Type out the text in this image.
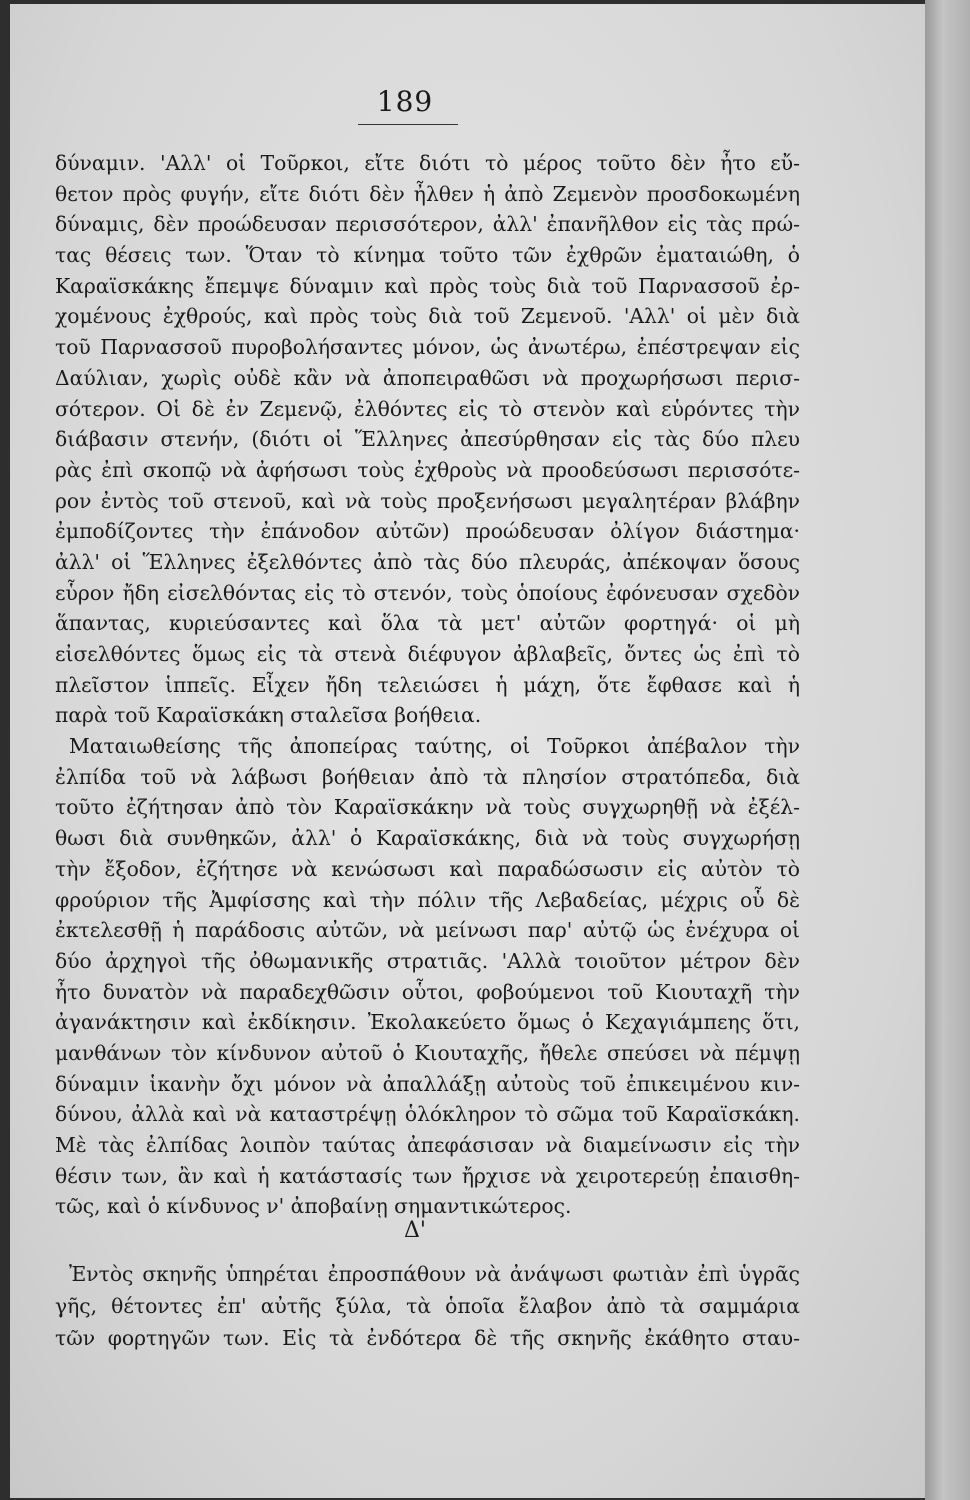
189
δύναμιν. 'Αλλ' οἱ Τοῦρκοι, εἴτε διότι τὸ μέρος τοῦτο δὲν ἦτο εὔ-
θετον πρὸς φυγήν, εἴτε διότι δὲν ἦλθεν ἡ ἀπὸ Ζεμενὸν προσδοκωμένη
δύναμις, δὲν προώδευσαν περισσότερον, ἀλλ' ἐπανῆλθον εἰς τὰς πρώ-
τας θέσεις των. Ὅταν τὸ κίνημα τοῦτο τῶν ἐχθρῶν ἐματαιώθη, ὁ
Καραϊσκάκης ἔπεμψε δύναμιν καὶ πρὸς τοὺς διὰ τοῦ Παρνασσοῦ ἐρ-
χομένους ἐχθρούς, καὶ πρὸς τοὺς διὰ τοῦ Ζεμενοῦ. 'Αλλ' οἱ μὲν διὰ
τοῦ Παρνασσοῦ πυροβολήσαντες μόνον, ὡς ἀνωτέρω, ἐπέστρεψαν εἰς
Δαύλιαν, χωρὶς οὐδὲ κἂν νὰ ἀποπειραθῶσι νὰ προχωρήσωσι περισ-
σότερον. Οἱ δὲ ἐν Ζεμενῷ, ἐλθόντες εἰς τὸ στενὸν καὶ εὑρόντες τὴν
διάβασιν στενήν, (διότι οἱ Ἕλληνες ἀπεσύρθησαν εἰς τὰς δύο πλευ
ρὰς ἐπὶ σκοπῷ νὰ ἀφήσωσι τοὺς ἐχθροὺς νὰ προοδεύσωσι περισσότε-
ρον ἐντὸς τοῦ στενοῦ, καὶ νὰ τοὺς προξενήσωσι μεγαλητέραν βλάβην
ἐμποδίζοντες τὴν ἐπάνοδον αὐτῶν) προώδευσαν ὀλίγον διάστημα·
ἀλλ' οἱ Ἕλληνες ἐξελθόντες ἀπὸ τὰς δύο πλευράς, ἀπέκοψαν ὅσους
εὗρον ἤδη εἰσελθόντας εἰς τὸ στενόν, τοὺς ὁποίους ἐφόνευσαν σχεδὸν
ἅπαντας, κυριεύσαντες καὶ ὅλα τὰ μετ' αὐτῶν φορτηγά· οἱ μὴ
εἰσελθόντες ὅμως εἰς τὰ στενὰ διέφυγον ἀβλαβεῖς, ὄντες ὡς ἐπὶ τὸ
πλεῖστον ἱππεῖς. Εἶχεν ἤδη τελειώσει ἡ μάχη, ὅτε ἔφθασε καὶ ἡ
παρὰ τοῦ Καραϊσκάκη σταλεῖσα βοήθεια.
Ματαιωθείσης τῆς ἀποπείρας ταύτης, οἱ Τοῦρκοι ἀπέβαλον τὴν
ἐλπίδα τοῦ νὰ λάβωσι βοήθειαν ἀπὸ τὰ πλησίον στρατόπεδα, διὰ
τοῦτο ἐζήτησαν ἀπὸ τὸν Καραϊσκάκην νὰ τοὺς συγχωρηθῇ νὰ ἐξέλ-
θωσι διὰ συνθηκῶν, ἀλλ' ὁ Καραϊσκάκης, διὰ νὰ τοὺς συγχωρήσῃ
τὴν ἔξοδον, ἐζήτησε νὰ κενώσωσι καὶ παραδώσωσιν εἰς αὐτὸν τὸ
φρούριον τῆς Ἀμφίσσης καὶ τὴν πόλιν τῆς Λεβαδείας, μέχρις οὗ δὲ
ἐκτελεσθῇ ἡ παράδοσις αὐτῶν, νὰ μείνωσι παρ' αὐτῷ ὡς ἐνέχυρα οἱ
δύο ἀρχηγοὶ τῆς ὀθωμανικῆς στρατιᾶς. 'Αλλὰ τοιοῦτον μέτρον δὲν
ἦτο δυνατὸν νὰ παραδεχθῶσιν οὗτοι, φοβούμενοι τοῦ Κιουταχῆ τὴν
ἀγανάκτησιν καὶ ἐκδίκησιν. Ἐκολακεύετο ὅμως ὁ Κεχαγιάμπεης ὅτι,
μανθάνων τὸν κίνδυνον αὐτοῦ ὁ Κιουταχῆς, ἤθελε σπεύσει νὰ πέμψῃ
δύναμιν ἱκανὴν ὄχι μόνον νὰ ἀπαλλάξῃ αὐτοὺς τοῦ ἐπικειμένου κιν-
δύνου, ἀλλὰ καὶ νὰ καταστρέψῃ ὁλόκληρον τὸ σῶμα τοῦ Καραϊσκάκη.
Μὲ τὰς ἐλπίδας λοιπὸν ταύτας ἀπεφάσισαν νὰ διαμείνωσιν εἰς τὴν
θέσιν των, ἂν καὶ ἡ κατάστασίς των ἤρχισε νὰ χειροτερεύῃ ἐπαισθη-
τῶς, καὶ ὁ κίνδυνος ν' ἀποβαίνῃ σημαντικώτερος.
Δ'
Ἐντὸς σκηνῆς ὑπηρέται ἐπροσπάθουν νὰ ἀνάψωσι φωτιὰν ἐπὶ ὑγρᾶς
γῆς, θέτοντες ἐπ' αὐτῆς ξύλα, τὰ ὁποῖα ἔλαβον ἀπὸ τὰ σαμμάρια
τῶν φορτηγῶν των. Εἰς τὰ ἐνδότερα δὲ τῆς σκηνῆς ἐκάθητο σταυ-
